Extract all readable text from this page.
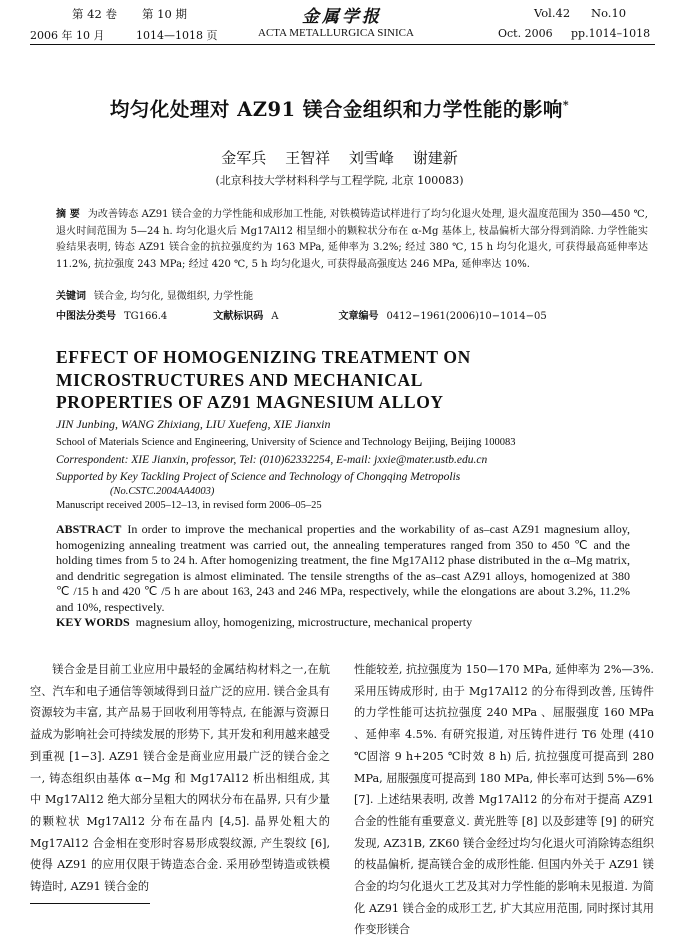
第 42 卷 第 10 期	金属学报	Vol.42 No.10
2006 年 10 月	1014—1018 页	ACTA METALLURGICA SINICA	Oct. 2006 pp.1014–1018
均匀化处理对 AZ91 镁合金组织和力学性能的影响*
金军兵 王智祥 刘雪峰 谢建新
(北京科技大学材料科学与工程学院, 北京 100083)
摘 要 为改善铸态 AZ91 镁合金的力学性能和成形加工性能, 对铁模铸造试样进行了均匀化退火处理, 退火温度范围为 350—450 ℃, 退火时间范围为 5—24 h. 均匀化退火后 Mg17Al12 相呈细小的颗粒状分布在 α-Mg 基体上, 枝晶偏析大部分得到消除. 力学性能实验结果表明, 铸态 AZ91 镁合金的抗拉强度约为 163 MPa, 延伸率为 3.2%; 经过 380 ℃, 15 h 均匀化退火, 可获得最高延伸率达 11.2%, 抗拉强度 243 MPa; 经过 420 ℃, 5 h 均匀化退火, 可获得最高强度达 246 MPa, 延伸率达 10%.
关键词 镁合金, 均匀化, 显微组织, 力学性能
中图法分类号 TG166.4	文献标识码 A	文章编号 0412−1961(2006)10−1014−05
EFFECT OF HOMOGENIZING TREATMENT ON
MICROSTRUCTURES AND MECHANICAL
PROPERTIES OF AZ91 MAGNESIUM ALLOY
JIN Junbing, WANG Zhixiang, LIU Xuefeng, XIE Jianxin
School of Materials Science and Engineering, University of Science and Technology Beijing, Beijing 100083
Correspondent: XIE Jianxin, professor, Tel: (010)62332254, E-mail: jxxie@mater.ustb.edu.cn
Supported by Key Tackling Project of Science and Technology of Chongqing Metropolis
(No.CSTC.2004AA4003)
Manuscript received 2005–12–13, in revised form 2006–05–25
ABSTRACT In order to improve the mechanical properties and the workability of as–cast AZ91 magnesium alloy, homogenizing annealing treatment was carried out, the annealing temperatures ranged from 350 to 450 ℃ and the holding times from 5 to 24 h. After homogenizing treatment, the fine Mg17Al12 phase distributed in the α–Mg matrix, and dendritic segregation is almost eliminated. The tensile strengths of the as–cast AZ91 alloys, homogenized at 380 ℃ /15 h and 420 ℃ /5 h are about 163, 243 and 246 MPa, respectively, while the elongations are about 3.2%, 11.2% and 10%, respectively.
KEY WORDS magnesium alloy, homogenizing, microstructure, mechanical property
镁合金是目前工业应用中最轻的金属结构材料之一,在航空、汽车和电子通信等领域得到日益广泛的应用. 镁合金具有资源较为丰富, 其产品易于回收利用等特点, 在能源与资源日益成为影响社会可持续发展的形势下, 其开发和利用越来越受到重视 [1−3]. AZ91 镁合金是商业应用最广泛的镁合金之一, 铸态组织由基体 α−Mg 和 Mg17Al12 析出相组成, 其中 Mg17Al12 绝大部分呈粗大的网状分布在晶界, 只有少量的颗粒状 Mg17Al12 分布在晶内 [4,5]. 晶界处粗大的 Mg17Al12 合金相在变形时容易形成裂纹源, 产生裂纹 [6], 使得 AZ91 的应用仅限于铸造态合金. 采用砂型铸造或铁模铸造时, AZ91 镁合金的
性能较差, 抗拉强度为 150—170 MPa, 延伸率为 2%—3%. 采用压铸成形时, 由于 Mg17Al12 的分布得到改善, 压铸件的力学性能可达抗拉强度 240 MPa 、屈服强度 160 MPa 、延伸率 4.5%. 有研究报道, 对压铸件进行 T6 处理 (410 ℃固溶 9 h+205 ℃时效 8 h) 后, 抗拉强度可提高到 280 MPa, 屈服强度可提高到 180 MPa, 伸长率可达到 5%—6% [7]. 上述结果表明, 改善 Mg17Al12 的分布对于提高 AZ91 合金的性能有重要意义. 黄光胜等 [8] 以及彭建等 [9] 的研究发现, AZ31B, ZK60 镁合金经过均匀化退火可消除铸态组织的枝晶偏析, 提高镁合金的成形性能. 但国内外关于 AZ91 镁合金的均匀化退火工艺及其对力学性能的影响未见报道. 为简化 AZ91 镁合金的成形工艺, 扩大其应用范围, 同时探讨其用作变形镁合
